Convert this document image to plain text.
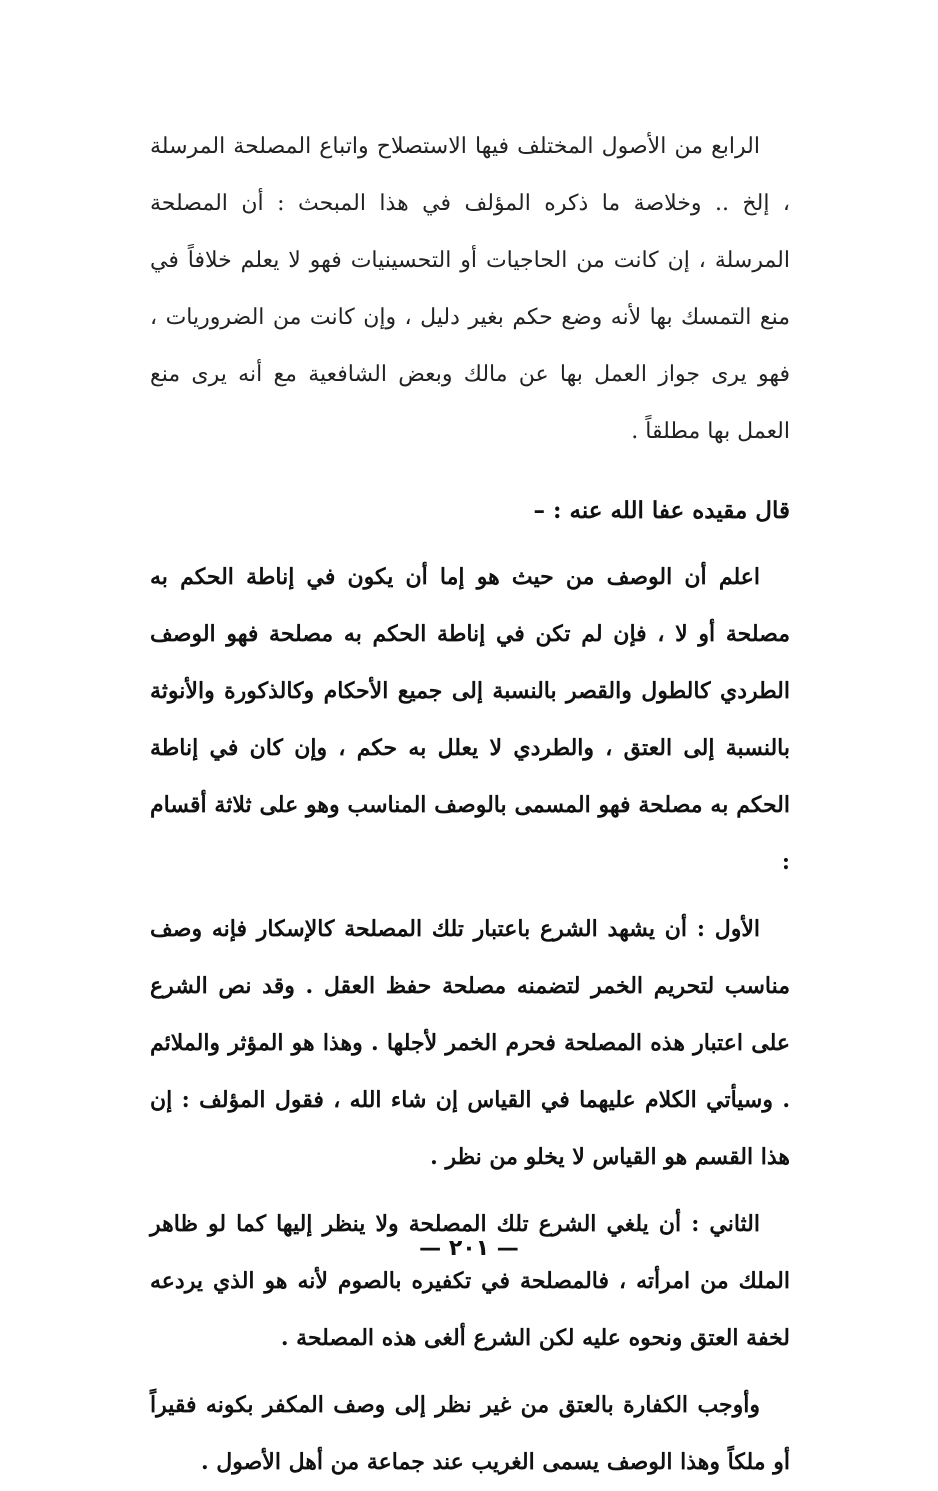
الرابع من الأصول المختلف فيها الاستصلاح واتباع المصلحة المرسلة ، إلخ .. وخلاصة ما ذكره المؤلف في هذا المبحث : أن المصلحة المرسلة ، إن كانت من الحاجيات أو التحسينيات فهو لا يعلم خلافاً في منع التمسك بها لأنه وضع حكم بغير دليل ، وإن كانت من الضروريات ، فهو يرى جواز العمل بها عن مالك وبعض الشافعية مع أنه يرى منع العمل بها مطلقاً .

قال مقيده عفا الله عنه : –

اعلم أن الوصف من حيث هو إما أن يكون في إناطة الحكم به مصلحة أو لا ، فإن لم تكن في إناطة الحكم به مصلحة فهو الوصف الطردي كالطول والقصر بالنسبة إلى جميع الأحكام وكالذكورة والأنوثة بالنسبة إلى العتق ، والطردي لا يعلل به حكم ، وإن كان في إناطة الحكم به مصلحة فهو المسمى بالوصف المناسب وهو على ثلاثة أقسام :

الأول : أن يشهد الشرع باعتبار تلك المصلحة كالإسكار فإنه وصف مناسب لتحريم الخمر لتضمنه مصلحة حفظ العقل . وقد نص الشرع على اعتبار هذه المصلحة فحرم الخمر لأجلها . وهذا هو المؤثر والملائم . وسيأتي الكلام عليهما في القياس إن شاء الله ، فقول المؤلف : إن هذا القسم هو القياس لا يخلو من نظر .

الثاني : أن يلغي الشرع تلك المصلحة ولا ينظر إليها كما لو ظاهر الملك من امرأته ، فالمصلحة في تكفيره بالصوم لأنه هو الذي يردعه لخفة العتق ونحوه عليه لكن الشرع ألغى هذه المصلحة .

وأوجب الكفارة بالعتق من غير نظر إلى وصف المكفر بكونه فقيراً أو ملكاً وهذا الوصف يسمى الغريب عند جماعة من أهل الأصول .

— ٢٠١ —
